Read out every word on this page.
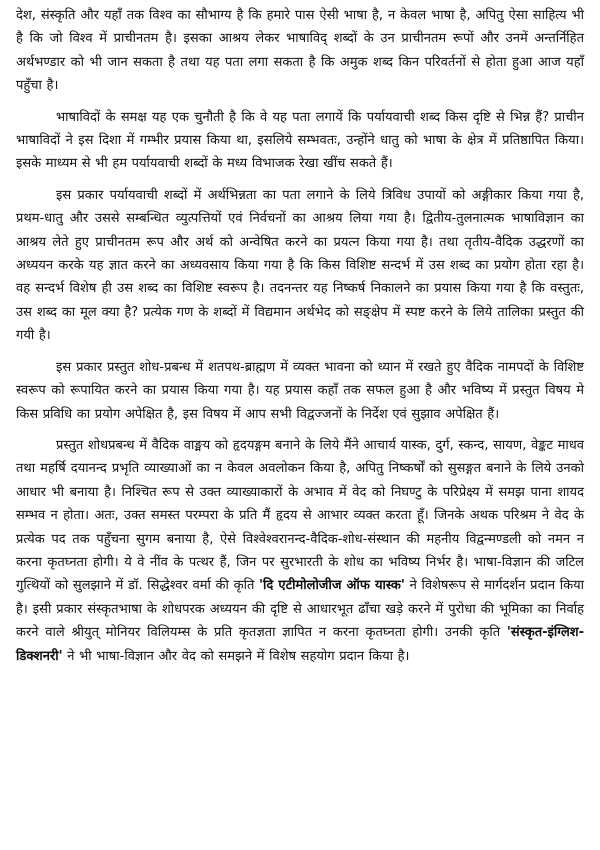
देश, संस्कृति और यहाँ तक विश्व का सौभाग्य है कि हमारे पास ऐसी भाषा है, न केवल भाषा है, अपितु ऐसा साहित्य भी है कि जो विश्व में प्राचीनतम है। इसका आश्रय लेकर भाषाविद् शब्दों के उन प्राचीनतम रूपों और उनमें अन्तर्निहित अर्थभण्डार को भी जान सकता है तथा यह पता लगा सकता है कि अमुक शब्द किन परिवर्तनों से होता हुआ आज यहाँ पहुँचा है।

भाषाविदों के समक्ष यह एक चुनौती है कि वे यह पता लगायें कि पर्यायवाची शब्द किस दृष्टि से भिन्न हैं? प्राचीन भाषाविदों ने इस दिशा में गम्भीर प्रयास किया था, इसलिये सम्भवतः, उन्होंने धातु को भाषा के क्षेत्र में प्रतिष्ठापित किया। इसके माध्यम से भी हम पर्यायवाची शब्दों के मध्य विभाजक रेखा खींच सकते हैं।

इस प्रकार पर्यायवाची शब्दों में अर्थभिन्नता का पता लगाने के लिये त्रिविध उपायों को अङ्गीकार किया गया है, प्रथम-धातु और उससे सम्बन्धित व्युत्पत्तियों एवं निर्वचनों का आश्रय लिया गया है। द्वितीय-तुलनात्मक भाषाविज्ञान का आश्रय लेते हुए प्राचीनतम रूप और अर्थ को अन्वेषित करने का प्रयत्न किया गया है। तथा तृतीय-वैदिक उद्धरणों का अध्ययन करके यह ज्ञात करने का अध्यवसाय किया गया है कि किस विशिष्ट सन्दर्भ में उस शब्द का प्रयोग होता रहा है। वह सन्दर्भ विशेष ही उस शब्द का विशिष्ट स्वरूप है। तदनन्तर यह निष्कर्ष निकालने का प्रयास किया गया है कि वस्तुतः, उस शब्द का मूल क्या है? प्रत्येक गण के शब्दों में विद्यमान अर्थभेद को सङ्क्षेप में स्पष्ट करने के लिये तालिका प्रस्तुत की गयी है।

इस प्रकार प्रस्तुत शोध-प्रबन्ध में शतपथ-ब्राह्मण में व्यक्त भावना को ध्यान में रखते हुए वैदिक नामपदों के विशिष्ट स्वरूप को रूपायित करने का प्रयास किया गया है। यह प्रयास कहाँ तक सफल हुआ है और भविष्य में प्रस्तुत विषय मे किस प्रविधि का प्रयोग अपेक्षित है, इस विषय में आप सभी विद्वज्जनों के निर्देश एवं सुझाव अपेक्षित हैं।

प्रस्तुत शोधप्रबन्ध में वैदिक वाङ्मय को हृदयङ्गम बनाने के लिये मैंने आचार्य यास्क, दुर्ग, स्कन्द, सायण, वेङ्कट माधव तथा महर्षि दयानन्द प्रभृति व्याख्याओं का न केवल अवलोकन किया है, अपितु निष्कर्षों को सुसङ्गत बनाने के लिये उनको आधार भी बनाया है। निश्चित रूप से उक्त व्याख्याकारों के अभाव में वेद को निघण्टु के परिप्रेक्ष्य में समझ पाना शायद सम्भव न होता। अतः, उक्त समस्त परम्परा के प्रति मैं हृदय से आभार व्यक्त करता हूँ। जिनके अथक परिश्रम ने वेद के प्रत्येक पद तक पहुँचना सुगम बनाया है, ऐसे विश्वेश्वरानन्द-वैदिक-शोध-संस्थान की महनीय विद्वन्मण्डली को नमन न करना कृतघ्नता होगी। ये वे नींव के पत्थर हैं, जिन पर सुरभारती के शोध का भविष्य निर्भर है। भाषा-विज्ञान की जटिल गुत्थियों को सुलझाने में डॉ. सिद्धेश्वर वर्मा की कृति 'दि एटीमोलोजीज ऑफ यास्क' ने विशेषरूप से मार्गदर्शन प्रदान किया है। इसी प्रकार संस्कृतभाषा के शोधपरक अध्ययन की दृष्टि से आधारभूत ढाँचा खड़े करने में पुरोधा की भूमिका का निर्वाह करने वाले श्रीयुत् मोनियर विलियम्स के प्रति कृतज्ञता ज्ञापित न करना कृतघ्नता होगी। उनकी कृति 'संस्कृत-इंग्लिश-डिक्शनरी' ने भी भाषा-विज्ञान और वेद को समझने में विशेष सहयोग प्रदान किया है।
